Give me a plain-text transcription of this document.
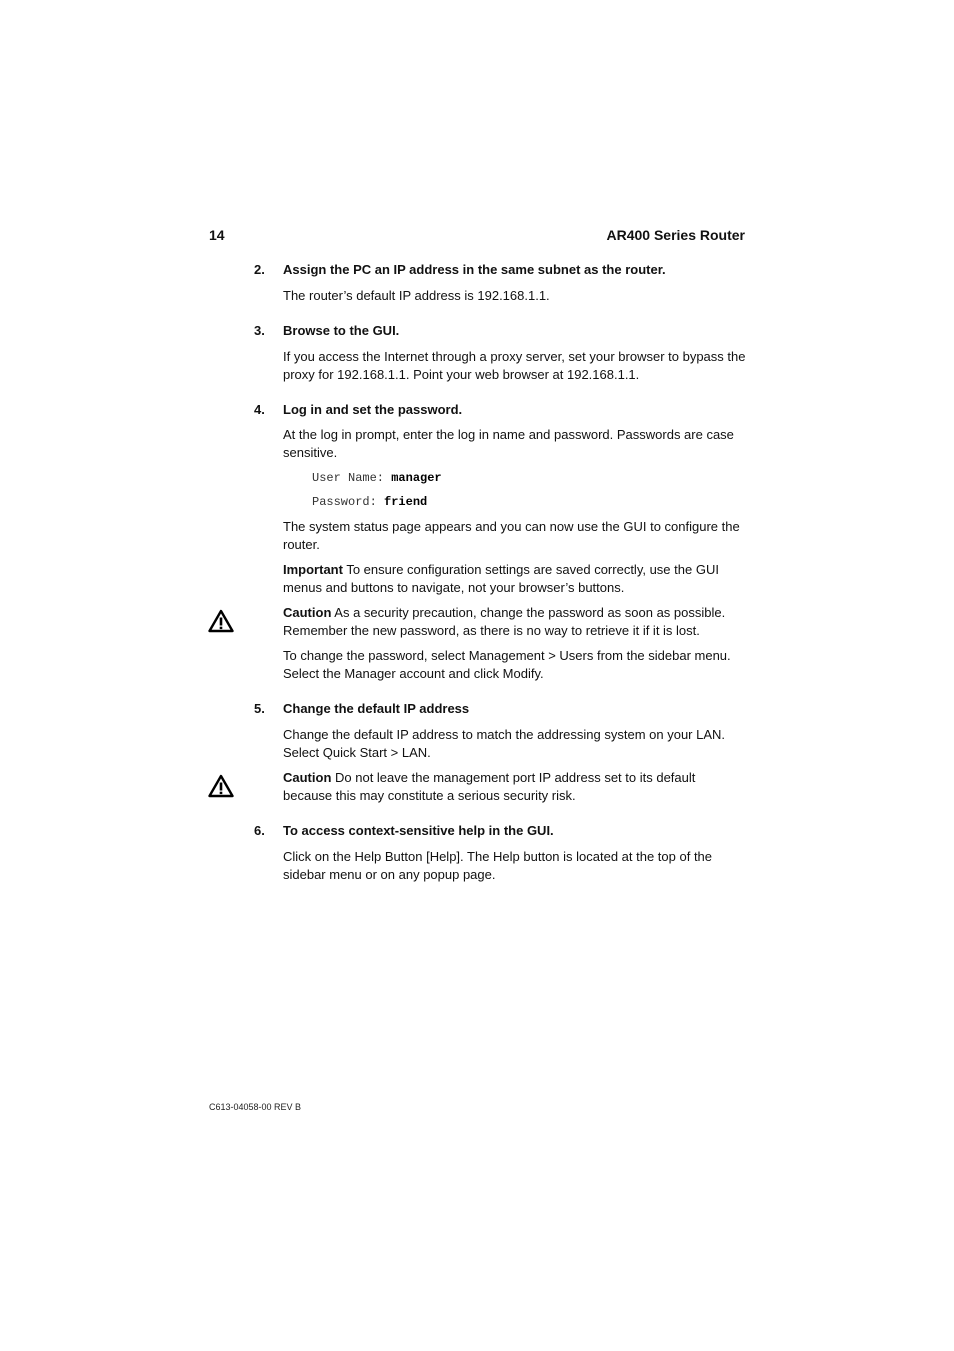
14	AR400 Series Router
2. Assign the PC an IP address in the same subnet as the router.
The router’s default IP address is 192.168.1.1.
3. Browse to the GUI.
If you access the Internet through a proxy server, set your browser to bypass the proxy for 192.168.1.1. Point your web browser at 192.168.1.1.
4. Log in and set the password.
At the log in prompt, enter the log in name and password. Passwords are case sensitive.
User Name: manager
Password: friend
The system status page appears and you can now use the GUI to configure the router.
Important To ensure configuration settings are saved correctly, use the GUI menus and buttons to navigate, not your browser’s buttons.
Caution As a security precaution, change the password as soon as possible. Remember the new password, as there is no way to retrieve it if it is lost.
To change the password, select Management > Users from the sidebar menu. Select the Manager account and click Modify.
5. Change the default IP address
Change the default IP address to match the addressing system on your LAN. Select Quick Start > LAN.
Caution Do not leave the management port IP address set to its default because this may constitute a serious security risk.
6. To access context-sensitive help in the GUI.
Click on the Help Button [Help]. The Help button is located at the top of the sidebar menu or on any popup page.
C613-04058-00 REV B
